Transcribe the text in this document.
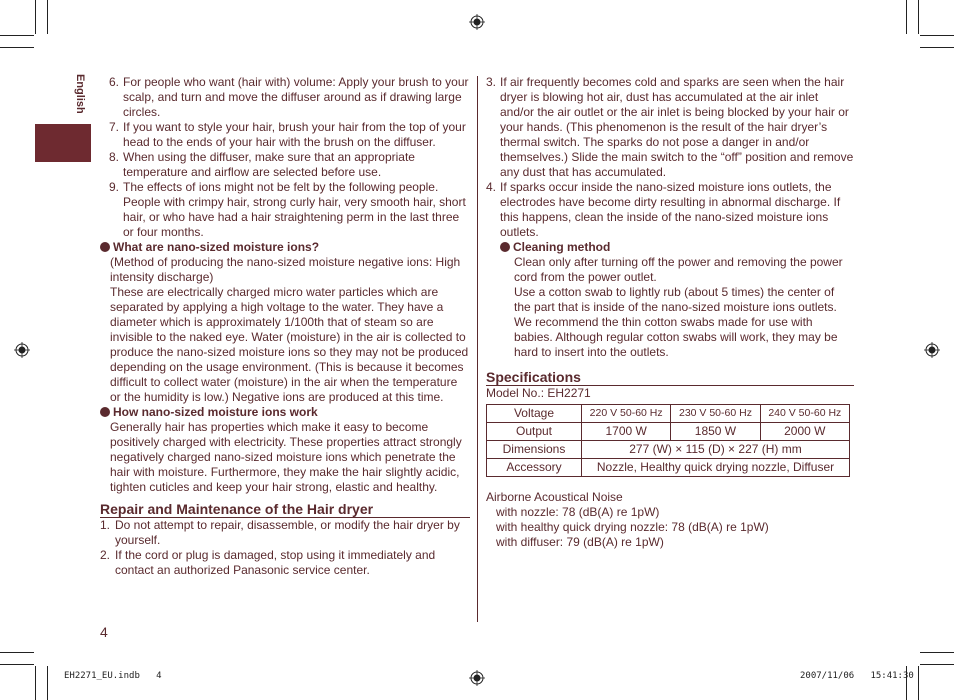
English 6. For people who want (hair with) volume: Apply your brush to your scalp, and turn and move the diffuser around as if drawing large circles.
7. If you want to style your hair, brush your hair from the top of your head to the ends of your hair with the brush on the diffuser.
8. When using the diffuser, make sure that an appropriate temperature and airflow are selected before use.
9. The effects of ions might not be felt by the following people. People with crimpy hair, strong curly hair, very smooth hair, short hair, or who have had a hair straightening perm in the last three or four months.
What are nano-sized moisture ions?
(Method of producing the nano-sized moisture negative ions: High intensity discharge)
These are electrically charged micro water particles which are separated by applying a high voltage to the water. They have a diameter which is approximately 1/100th that of steam so are invisible to the naked eye. Water (moisture) in the air is collected to produce the nano-sized moisture ions so they may not be produced depending on the usage environment. (This is because it becomes difficult to collect water (moisture) in the air when the temperature or the humidity is low.) Negative ions are produced at this time.
How nano-sized moisture ions work
Generally hair has properties which make it easy to become positively charged with electricity. These properties attract strongly negatively charged nano-sized moisture ions which penetrate the hair with moisture. Furthermore, they make the hair slightly acidic, tighten cuticles and keep your hair strong, elastic and healthy.
Repair and Maintenance of the Hair dryer
1. Do not attempt to repair, disassemble, or modify the hair dryer by yourself.
2. If the cord or plug is damaged, stop using it immediately and contact an authorized Panasonic service center.
4
3. If air frequently becomes cold and sparks are seen when the hair dryer is blowing hot air, dust has accumulated at the air inlet and/or the air outlet or the air inlet is being blocked by your hair or your hands. (This phenomenon is the result of the hair dryer’s thermal switch. The sparks do not pose a danger in and/or themselves.) Slide the main switch to the “off” position and remove any dust that has accumulated.
4. If sparks occur inside the nano-sized moisture ions outlets, the electrodes have become dirty resulting in abnormal discharge. If this happens, clean the inside of the nano-sized moisture ions outlets.
Cleaning method
Clean only after turning off the power and removing the power cord from the power outlet.
Use a cotton swab to lightly rub (about 5 times) the center of the part that is inside of the nano-sized moisture ions outlets. We recommend the thin cotton swabs made for use with babies. Although regular cotton swabs will work, they may be hard to insert into the outlets.
Specifications
Model No.: EH2271
Voltage	220 V 50-60 Hz	230 V 50-60 Hz	240 V 50-60 Hz
Output	1700 W	1850 W	2000 W
Dimensions	277 (W) × 115 (D) × 227 (H) mm		
Accessory	Nozzle, Healthy quick drying nozzle, Diffuser		
Airborne Acoustical Noise
with nozzle: 78 (dB(A) re 1pW)
with healthy quick drying nozzle: 78 (dB(A) re 1pW)
with diffuser: 79 (dB(A) re 1pW)
EH2271_EU.indb 4	2007/11/06 15:41:30
